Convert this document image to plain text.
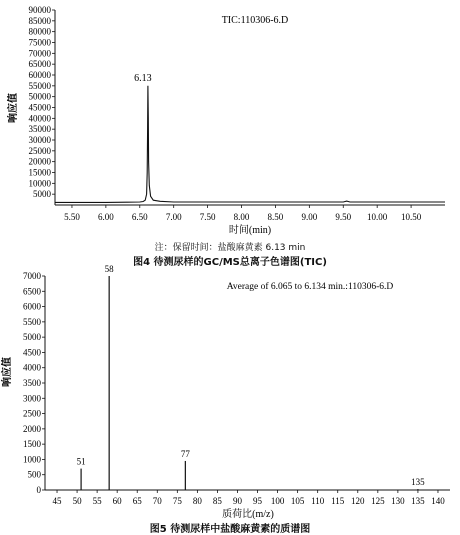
5000
10000
15000
20000
25000
30000
35000
40000
45000
50000
55000
60000
65000
70000
75000
80000
85000
90000
5.50 6.00 6.50 7.00 7.50 8.00 8.50 9.00 9.50 10.00 10.50
6.13
TIC:110306-6.D
时间(min)
响应值
0
500
1000
1500
2000
2500
3000
3500
4000
4500
5000
5500
6000
6500
7000
45 50 55 60 65 70 75 80 85 90 95 100 105 110 115 120 125 130 135 140
51
58
77
135
Average of 6.065 to 6.134 min.:110306-6.D
质荷比(m/z)
响应值
注：保留时间：盐酸麻黄素 6.13 min
图4 待测尿样的GC/MS总离子色谱图(TIC)
图5 待测尿样中盐酸麻黄素的质谱图
